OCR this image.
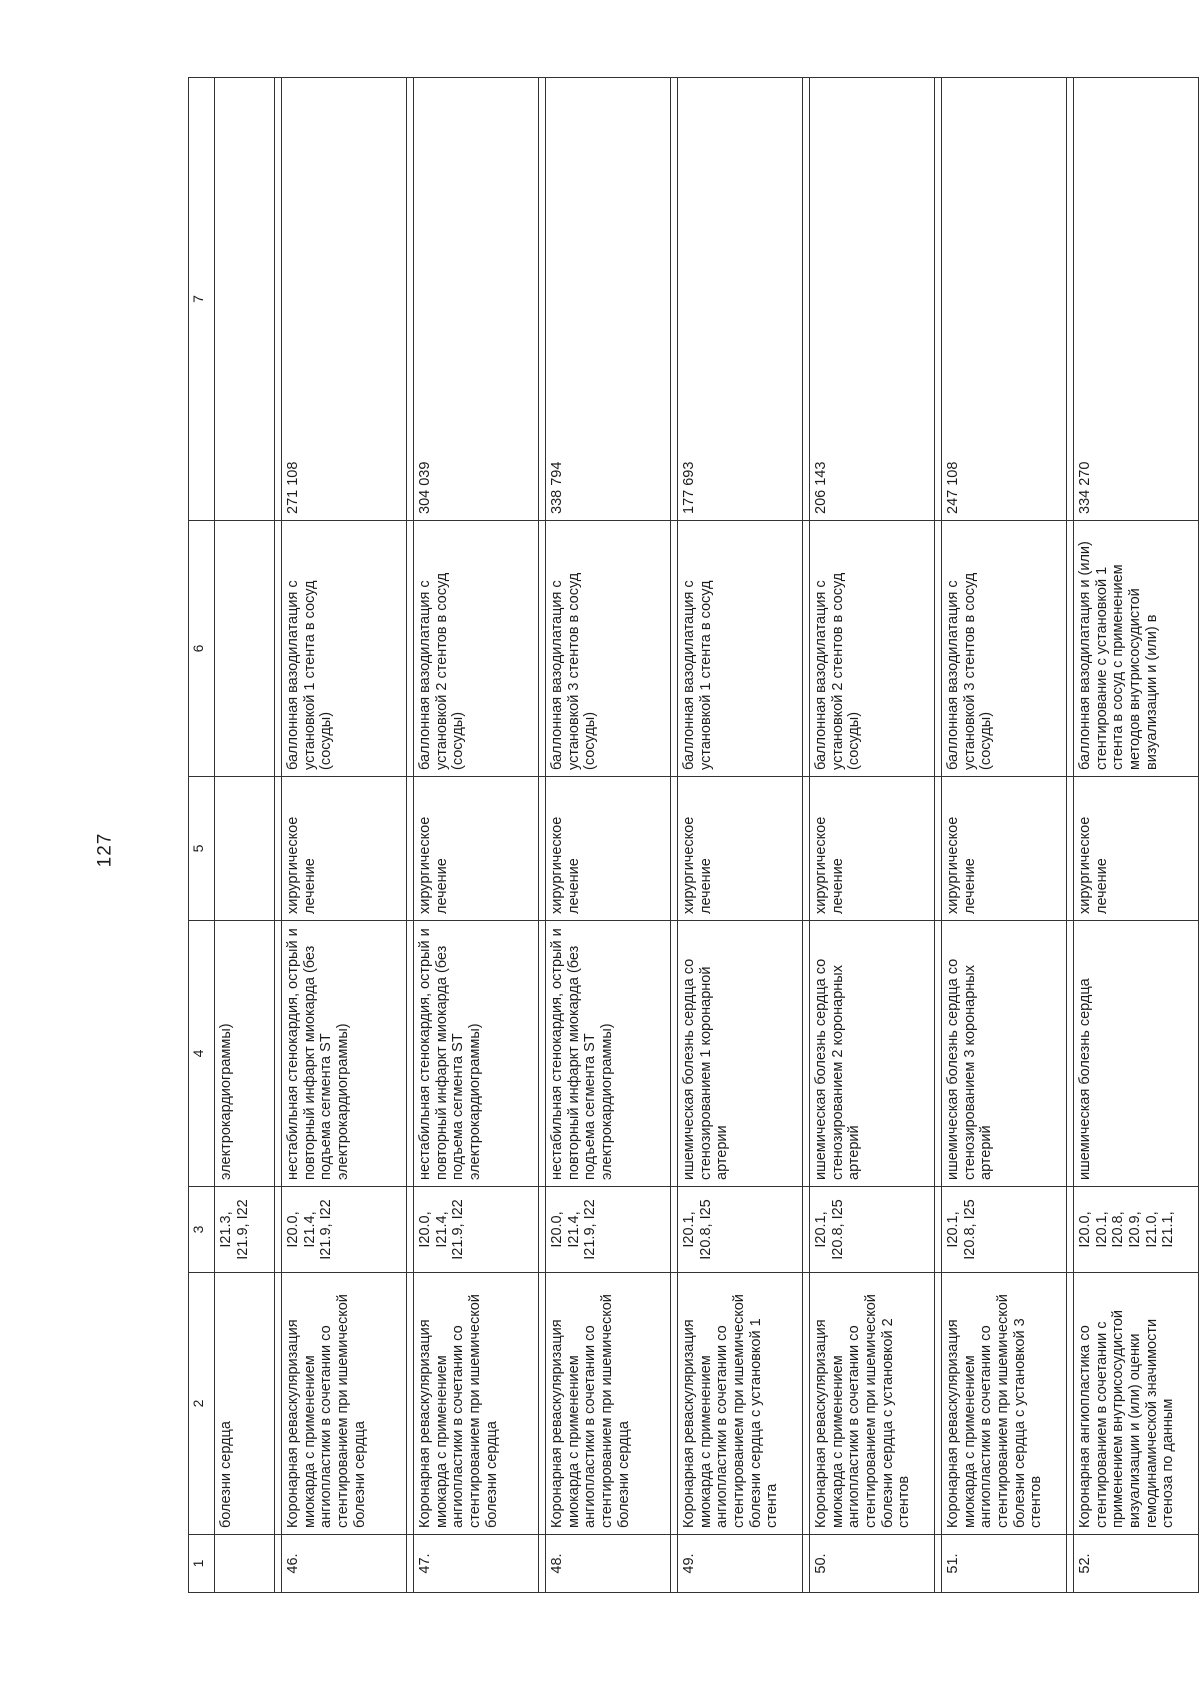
127
1	2	3	4	5	6	7
	болезни сердца	I21.3, I21.9, I22	электрокардиограммы)			

46.	Коронарная реваскуляризация миокарда с применением ангиопластики в сочетании со стентированием при ишемической болезни сердца	I20.0, I21.4, I21.9, I22	нестабильная стенокардия, острый и повторный инфаркт миокарда (без подъема сегмента ST электрокардиограммы)	хирургическое лечение	баллонная вазодилатация с установкой 1 стента в сосуд (сосуды)	271 108

47.	Коронарная реваскуляризация миокарда с применением ангиопластики в сочетании со стентированием при ишемической болезни сердца	I20.0, I21.4, I21.9, I22	нестабильная стенокардия, острый и повторный инфаркт миокарда (без подъема сегмента ST электрокардиограммы)	хирургическое лечение	баллонная вазодилатация с установкой 2 стентов в сосуд (сосуды)	304 039

48.	Коронарная реваскуляризация миокарда с применением ангиопластики в сочетании со стентированием при ишемической болезни сердца	I20.0, I21.4, I21.9, I22	нестабильная стенокардия, острый и повторный инфаркт миокарда (без подъема сегмента ST электрокардиограммы)	хирургическое лечение	баллонная вазодилатация с установкой 3 стентов в сосуд (сосуды)	338 794

49.	Коронарная реваскуляризация миокарда с применением ангиопластики в сочетании со стентированием при ишемической болезни сердца с установкой 1 стента	I20.1, I20.8, I25	ишемическая болезнь сердца со стенозированием 1 коронарной артерии	хирургическое лечение	баллонная вазодилатация с установкой 1 стента в сосуд	177 693

50.	Коронарная реваскуляризация миокарда с применением ангиопластики в сочетании со стентированием при ишемической болезни сердца с установкой 2 стентов	I20.1, I20.8, I25	ишемическая болезнь сердца со стенозированием 2 коронарных артерий	хирургическое лечение	баллонная вазодилатация с установкой 2 стентов в сосуд (сосуды)	206 143

51.	Коронарная реваскуляризация миокарда с применением ангиопластики в сочетании со стентированием при ишемической болезни сердца с установкой 3 стентов	I20.1, I20.8, I25	ишемическая болезнь сердца со стенозированием 3 коронарных артерий	хирургическое лечение	баллонная вазодилатация с установкой 3 стентов в сосуд (сосуды)	247 108

52.	Коронарная ангиопластика со стентированием в сочетании с применением внутрисосудистой визуализации и (или) оценки гемодинамической значимости стеноза по данным	I20.0, I20.1, I20.8, I20.9, I21.0, I21.1,	ишемическая болезнь сердца	хирургическое лечение	баллонная вазодилатация и (или) стентирование с установкой 1 стента в сосуд с применением методов внутрисосудистой визуализации и (или) в	334 270
